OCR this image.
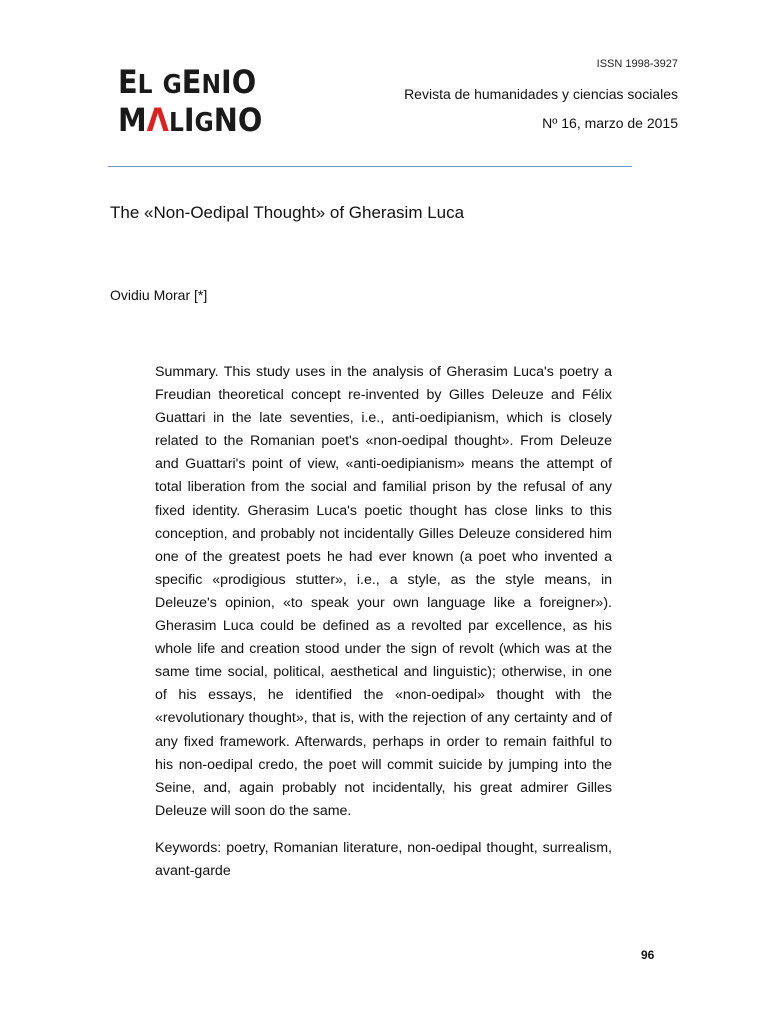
E L G E N I O
M Λ L I G N O
ISSN 1998-3927
Revista de humanidades y ciencias sociales
Nº 16, marzo de 2015
The «Non-Oedipal Thought» of Gherasim Luca
Ovidiu Morar [*]
Summary. This study uses in the analysis of Gherasim Luca's poetry a Freudian theoretical concept re-invented by Gilles Deleuze and Félix Guattari in the late seventies, i.e., anti-oedipianism, which is closely related to the Romanian poet's «non-oedipal thought». From Deleuze and Guattari's point of view, «anti-oedipianism» means the attempt of total liberation from the social and familial prison by the refusal of any fixed identity. Gherasim Luca's poetic thought has close links to this conception, and probably not incidentally Gilles Deleuze considered him one of the greatest poets he had ever known (a poet who invented a specific «prodigious stutter», i.e., a style, as the style means, in Deleuze's opinion, «to speak your own language like a foreigner»). Gherasim Luca could be defined as a revolted par excellence, as his whole life and creation stood under the sign of revolt (which was at the same time social, political, aesthetical and linguistic); otherwise, in one of his essays, he identified the «non-oedipal» thought with the «revolutionary thought», that is, with the rejection of any certainty and of any fixed framework. Afterwards, perhaps in order to remain faithful to his non-oedipal credo, the poet will commit suicide by jumping into the Seine, and, again probably not incidentally, his great admirer Gilles Deleuze will soon do the same.
Keywords: poetry, Romanian literature, non-oedipal thought, surrealism, avant-garde
96
